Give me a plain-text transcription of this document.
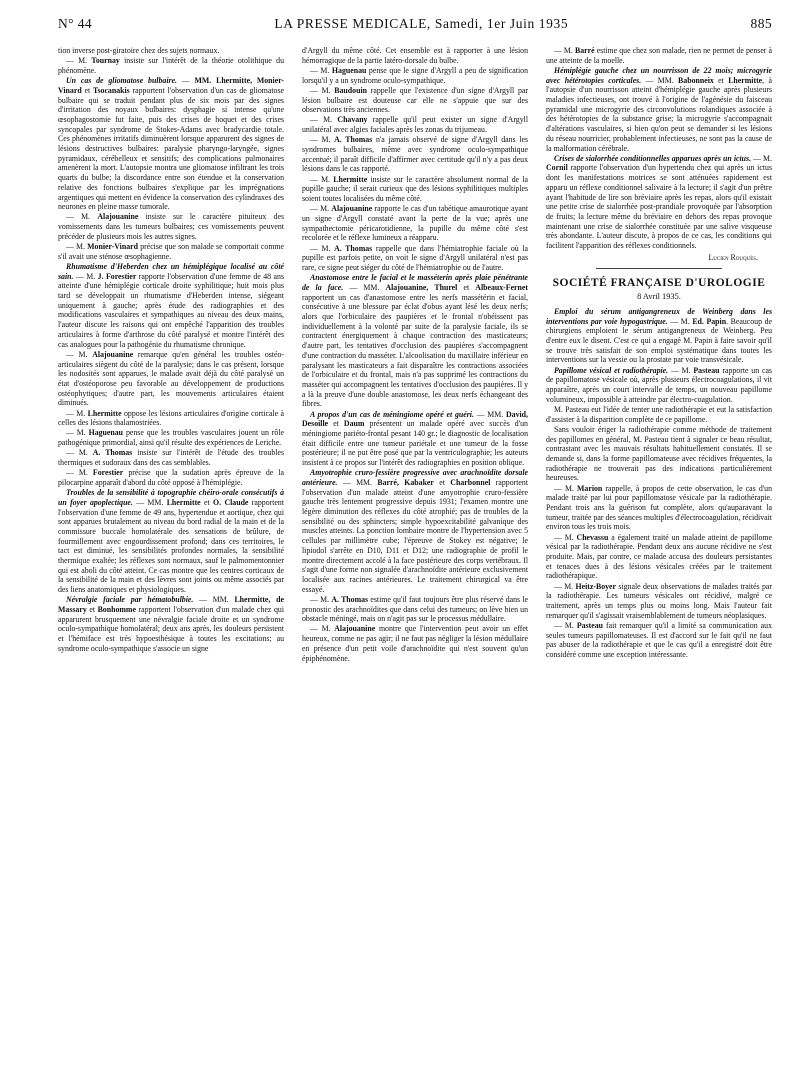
N° 44	LA PRESSE MEDICALE, Samedi, 1er Juin 1935	885

tion inverse post-giratoire chez des sujets normaux.

— M. Tournay insiste sur l'intérêt de la théorie otolithique du phénomène.

Un cas de gliomatose bulbaire. — MM. Lhermitte, Monier-Vinard et Tsocanakis rapportent l'observation d'un cas de gliomatose bulbaire qui se traduit pendant plus de six mois par des signes d'irritation des noyaux bulbaires: dysphagie si intense qu'une œsophagostomie fut faite, puis des crises de hoquet et des crises syncopales par syndrome de Stokes-Adams avec bradycardie totale. Ces phénomènes irritatifs diminuèrent lorsque apparurent des signes de lésions destructives bulbaires: paralysie pharyngo-laryngée, signes pyramidaux, cérébelleux et sensitifs; des complications pulmonaires amenèrent la mort. L'autopsie montra une gliomatose infiltrant les trois quarts du bulbe; la discordance entre son étendue et la conservation relative des fonctions bulbaires s'explique par les imprégnations argentiques qui mettent en évidence la conservation des cylindraxes des neurones en pleine masse tumorale.

— M. Alajouanine insiste sur le caractère pituiteux des vomissements dans les tumeurs bulbaires; ces vomissements peuvent précéder de plusieurs mois les autres signes.

— M. Monier-Vinard précise que son malade se comportait comme s'il avait une sténose œsophagienne.

Rhumatisme d'Heberden chez un hémiplégique localisé au côté sain. — M. J. Forestier rapporte l'observation d'une femme de 48 ans atteinte d'une hémiplégie corticale droite syphilitique; huit mois plus tard se développait un rhumatisme d'Heberden intense, siégeant uniquement à gauche; après étude des radiographies et des modifications vasculaires et sympathiques au niveau des deux mains, l'auteur discute les raisons qui ont empêché l'apparition des troubles articulaires à forme d'arthrose du côté paralysé et montre l'intérêt des cas analogues pour la pathogénie du rhumatisme chronique.

— M. Alajouanine remarque qu'en général les troubles ostéo-articulaires siègent du côté de la paralysie; dans le cas présent, lorsque les nodosités sont apparues, le malade avait déjà du côté paralysé un état d'ostéoporose peu favorable au développement de productions ostéophytiques; d'autre part, les mouvements articulaires étaient diminués.

— M. Lhermitte oppose les lésions articulaires d'origine corticale à celles des lésions thalamostriées.

— M. Haguenau pense que les troubles vasculaires jouent un rôle pathogénique primordial, ainsi qu'il résulte des expériences de Leriche.

— M. A. Thomas insiste sur l'intérêt de l'étude des troubles thermiques et sudoraux dans des cas semblables.

— M. Forestier précise que la sudation après épreuve de la pilocarpine apparaît d'abord du côté opposé à l'hémiplégie.

Troubles de la sensibilité à topographie chéiro-orale consécutifs à un foyer apoplectique. — MM. Lhermitte et O. Claude rapportent l'observation d'une femme de 49 ans, hypertendue et aortique, chez qui sont apparues brutalement au niveau du bord radial de la main et de la commissure buccale homolatérale des sensations de brûlure, de fourmillement avec engourdissement profond; dans ces territoires, le tact est diminué, les sensibilités profondes normales, la sensibilité thermique exaltée; les réflexes sont normaux, sauf le palmomentonnier qui est aboli du côté atteint. Ce cas montre que les centres corticaux de la sensibilité de la main et des lèvres sont joints ou même associés par des liens anatomiques et physiologiques.

Névralgie faciale par hématobulbie. — MM. Lhermitte, de Massary et Bonhomme rapportent l'observation d'un malade chez qui apparurent brusquement une névralgie faciale droite et un syndrome oculo-sympathique homolatéral; deux ans après, les douleurs persistent et l'hémiface est très hypoesthésique à toutes les excitations; au syndrome oculo-sympathique s'associe un signe

d'Argyll du même côté. Cet ensemble est à rapporter à une lésion hémorragique de la partie latéro-dorsale du bulbe.

— M. Haguenau pense que le signe d'Argyll a peu de signification lorsqu'il y a un syndrome oculo-sympathique.

— M. Baudouin rappelle que l'existence d'un signe d'Argyll par lésion bulbaire est douteuse car elle ne s'appuie que sur des observations très anciennes.

— M. Chavany rappelle qu'il peut exister un signe d'Argyll unilatéral avec algies faciales après les zonas du trijumeau.

— M. A. Thomas n'a jamais observé de signe d'Argyll dans les syndromes bulbaires, même avec syndrome oculo-sympathique accentué; il paraît difficile d'affirmer avec certitude qu'il n'y a pas deux lésions dans le cas rapporté.

— M. Lhermitte insiste sur le caractère absolument normal de la pupille gauche; il serait curieux que des lésions syphilitiques multiples soient toutes localisées du même côté.

— M. Alajouanine rapporte le cas d'un tabétique amaurotique ayant un signe d'Argyll constaté avant la perte de la vue; après une sympathectomie péricarotidienne, la pupille du même côté s'est recolorée et le réflexe lumineux a réapparu.

— M. A. Thomas rappelle que dans l'hémiatrophie faciale où la pupille est parfois petite, on voit le signe d'Argyll unilatéral n'est pas rare, ce signe peut siéger du côté de l'hémiatrophie ou de l'autre.

Anastomose entre le facial et le masséterin après plaie pénétrante de la face. — MM. Alajouanine, Thurel et Albeaux-Fernet rapportent un cas d'anastomose entre les nerfs massétérin et facial, consécutive à une blessure par éclat d'obus ayant lésé les deux nerfs; alors que l'orbiculaire des paupières et le frontal n'obéissent pas individuellement à la volonté par suite de la paralysie faciale, ils se contractent énergiquement à chaque contraction des masticateurs; d'autre part, les tentatives d'occlusion des paupières s'accompagnent d'une contraction du masséter. L'alcoolisation du maxillaire inférieur en paralysant les masticateurs a fait disparaître les contractions associées de l'orbiculaire et du frontal, mais n'a pas supprimé les contractions du masséter qui accompagnent les tentatives d'occlusion des paupières. Il y a là la preuve d'une double anastomose, les deux nerfs échangeant des fibres.

A propos d'un cas de méningiome opéré et guéri. — MM. David, Desoille et Daum présentent un malade opéré avec succès d'un méningiome pariéto-frontal pesant 140 gr.; le diagnostic de localisation était difficile entre une tumeur pariétale et une tumeur de la fosse postérieure; il ne put être posé que par la ventriculographie; les auteurs insistent à ce propos sur l'intérêt des radiographies en position oblique.

Amyotrophie cruro-fessière progressive avec arachnoïdite dorsale antérieure. — MM. Barré, Kabaker et Charbonnel rapportent l'observation d'un malade atteint d'une amyotrophie cruro-fessière gauche très lentement progressive depuis 1931; l'examen montre une légère diminution des réflexes du côté atrophié; pas de troubles de la sensibilité ou des sphincters; simple hypoexcitabilité galvanique des muscles atteints. La ponction lombaire montre de l'hypertension avec 5 cellules par millimètre cube; l'épreuve de Stokey est négative; le lipiodol s'arrête en D10, D11 et D12; une radiographie de profil le montre directement accolé à la face postérieure des corps vertébraux. Il s'agit d'une forme non signalée d'arachnoïdite antérieure exclusivement localisée aux racines antérieures. Le traitement chirurgical va être essayé.

— M. A. Thomas estime qu'il faut toujours être plus réservé dans le pronostic des arachnoïdites que dans celui des tumeurs; on lève bien un obstacle méningé, mais on n'agit pas sur le processus médullaire.

— M. Alajouanine montre que l'intervention peut avoir un effet heureux, comme ne pas agir; il ne faut pas négliger la lésion médullaire en présence d'un petit voile d'arachnoïdite qui n'est souvent qu'un épiphénomène.

— M. Barré estime que chez son malade, rien ne permet de penser à une atteinte de la moelle.

Hémiplégie gauche chez un nourrisson de 22 mois; microgyrie avec hétérotopies corticales. — MM. Babonneix et Lhermitte, à l'autopsie d'un nourrisson atteint d'hémiplégie gauche après plusieurs maladies infectieuses, ont trouvé à l'origine de l'agénésie du faisceau pyramidal une microgyrie des circonvolutions rolandiques associée à des hétérotopies de la substance grise; la microgyrie s'accompagnait d'altérations vasculaires, si bien qu'on peut se demander si les lésions du réseau nourricier, probablement infectieuses, ne sont pas la cause de la malformation cérébrale.

Crises de sialorrhée conditionnelles apparues après un ictus. — M. Cornil rapporte l'observation d'un hypertendu chez qui après un ictus dont les manifestations motrices se sont atténuées rapidement est apparu un réflexe conditionnel salivaire à la lecture; il s'agit d'un prêtre ayant l'habitude de lire son bréviaire après les repas, alors qu'il existait une petite crise de sialorrhée post-prandiale provoquée par l'absorption de fruits; la lecture même du bréviaire en dehors des repas provoque maintenant une crise de sialorrhée constituée par une salive visqueuse très abondante. L'auteur discute, à propos de ce cas, les conditions qui facilitent l'apparition des réflexes conditionnels.

Lucien Rouquès.

SOCIÉTÉ FRANÇAISE D'UROLOGIE
8 Avril 1935.

Emploi du sérum antigangreneux de Weinberg dans les interventions par voie hypogastrique. — M. Ed. Papin. Beaucoup de chirurgiens emploient le sérum antigangreneux de Weinberg. Peu d'entre eux le disent. C'est ce qui a engagé M. Papin à faire savoir qu'il se trouve très satisfait de son emploi systématique dans toutes les interventions sur la vessie ou la prostate par voie transvésicale.

Papillome vésical et radiothérapie. — M. Pasteau rapporte un cas de papillomatose vésicale où, après plusieurs électrocoagulations, il vit apparaître, après un court intervalle de temps, un nouveau papillome volumineux, impossible à atteindre par électro-coagulation.

M. Pasteau eut l'idée de tenter une radiothérapie et eut la satisfaction d'assister à la disparition complète de ce papillome.

Sans vouloir ériger la radiothérapie comme méthode de traitement des papillomes en général, M. Pasteau tient à signaler ce beau résultat, contrastant avec les mauvais résultats habituellement constatés. Il se demande si, dans la forme papillomateuse avec récidives fréquentes, la radiothérapie ne trouverait pas des indications particulièrement heureuses.

— M. Marion rappelle, à propos de cette observation, le cas d'un malade traité par lui pour papillomatose vésicale par la radiothérapie. Pendant trois ans la guérison fut complète, alors qu'auparavant la tumeur, traitée par des séances multiples d'électrocoagulation, récidivait environ tous les trois mois.

— M. Chevassu a également traité un malade atteint de papillome vésical par la radiothérapie. Pendant deux ans aucune récidive ne s'est produite. Mais, par contre, ce malade accusa des douleurs persistantes et tenaces dues à des lésions vésicales créées par le traitement radiothérapique.

— M. Heitz-Boyer signale deux observations de malades traités par la radiothérapie. Les tumeurs vésicales ont récidivé, malgré ce traitement, après un temps plus ou moins long. Mais l'auteur fait remarquer qu'il s'agissait vraisemblablement de tumeurs néoplasiques.

— M. Pasteau fait remarquer qu'il a limité sa communication aux seules tumeurs papillomateuses. Il est d'accord sur le fait qu'il ne faut pas abuser de la radiothérapie et que le cas qu'il a enregistré doit être considéré comme une exception intéressante.
